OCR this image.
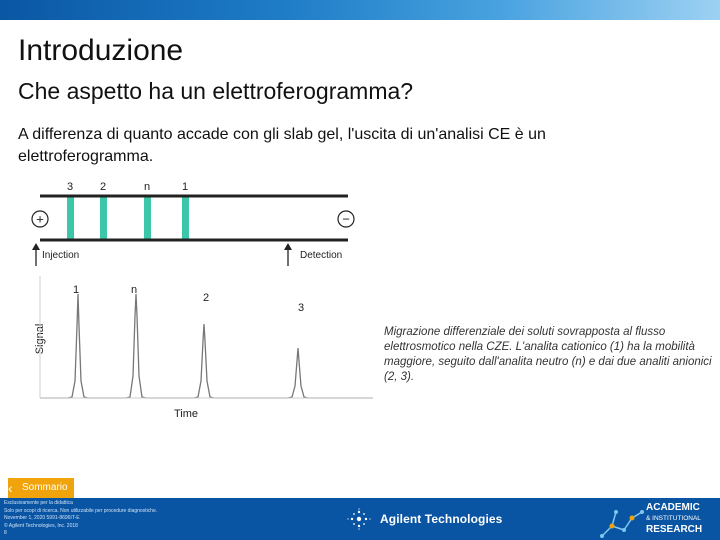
Introduzione
Che aspetto ha un elettroferogramma?
A differenza di quanto accade con gli slab gel, l'uscita di un'analisi CE è un elettroferogramma.
3 2	n	1
+	−
Injection	Detection
Signal
1	n
2
3
Time
Migrazione differenziale dei soluti sovrapposta al flusso elettrosmotico nella CZE. L'analita cationico (1) ha la mobilità maggiore, seguito dall'analita neutro (n) e dai due analiti anionici (2, 3).
‹ Sommario
Esclusivamente per la didattica
Solo per scopi di ricerca. Non utilizzabile per procedure diagnostiche.
November 1, 2020 5991-8696IT-E
© Agilent Technologies, Inc. 2018
8
Agilent Technologies
ACADEMIC
& INSTITUTIONAL
RESEARCH
